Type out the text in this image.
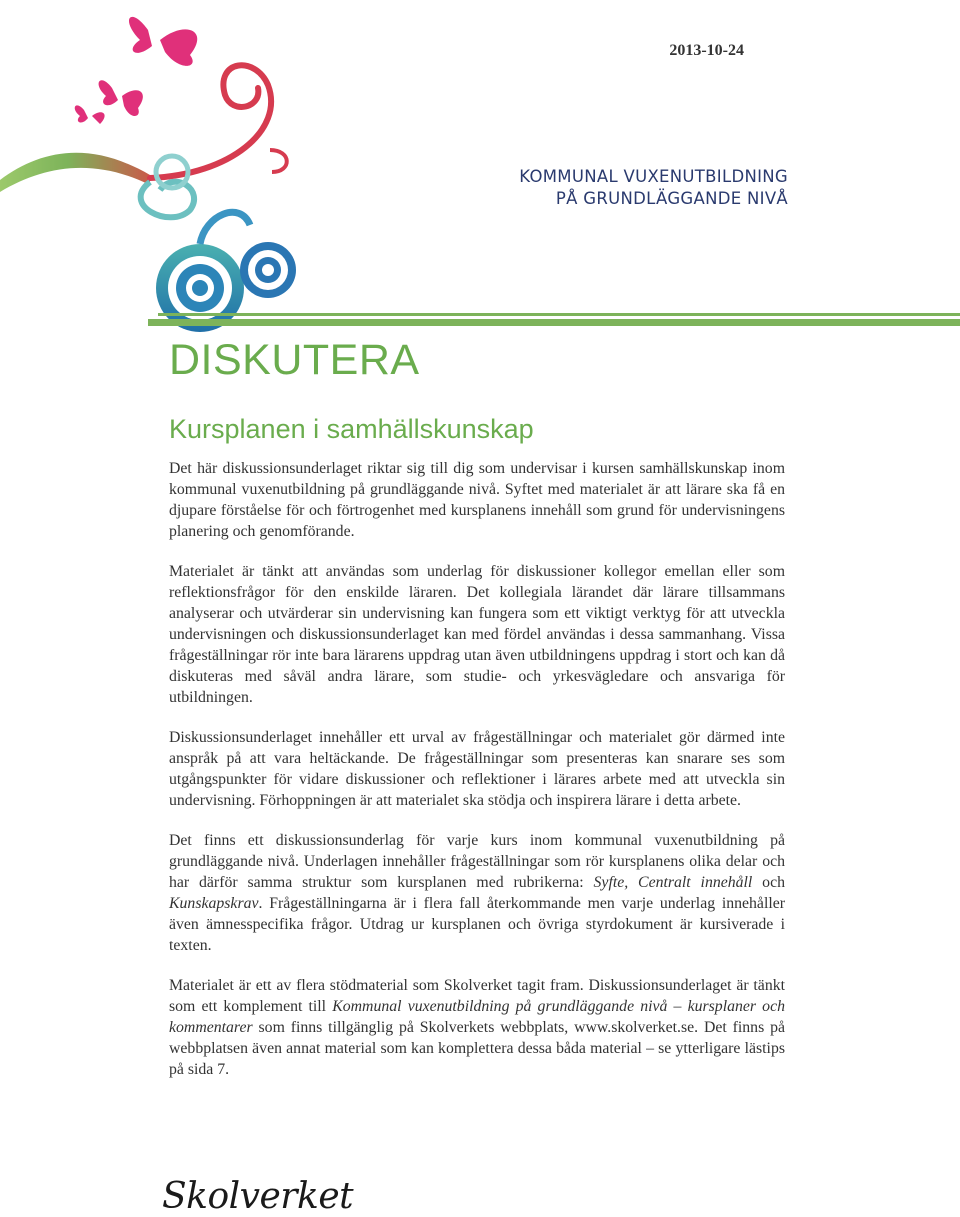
2013-10-24
KOMMUNAL VUXENUTBILDNING
PÅ GRUNDLÄGGANDE NIVÅ
DISKUTERA
Kursplanen i samhällskunskap

Det här diskussionsunderlaget riktar sig till dig som undervisar i kursen samhällskunskap inom kommunal vuxenutbildning på grundläggande nivå. Syftet med materialet är att lärare ska få en djupare förståelse för och förtrogenhet med kursplanens innehåll som grund för undervisningens planering och genomförande.

Materialet är tänkt att användas som underlag för diskussioner kollegor emellan eller som reflektionsfrågor för den enskilde läraren. Det kollegiala lärandet där lärare tillsammans analyserar och utvärderar sin undervisning kan fungera som ett viktigt verktyg för att utveckla undervisningen och diskussionsunderlaget kan med fördel användas i dessa sammanhang. Vissa frågeställningar rör inte bara lärarens uppdrag utan även utbildningens uppdrag i stort och kan då diskuteras med såväl andra lärare, som studie- och yrkesvägledare och ansvariga för utbildningen.

Diskussionsunderlaget innehåller ett urval av frågeställningar och materialet gör därmed inte anspråk på att vara heltäckande. De frågeställningar som presenteras kan snarare ses som utgångspunkter för vidare diskussioner och reflektioner i lärares arbete med att utveckla sin undervisning. Förhoppningen är att materialet ska stödja och inspirera lärare i detta arbete.

Det finns ett diskussionsunderlag för varje kurs inom kommunal vuxenutbildning på grundläggande nivå. Underlagen innehåller frågeställningar som rör kursplanens olika delar och har därför samma struktur som kursplanen med rubrikerna: Syfte, Centralt innehåll och Kunskapskrav. Frågeställningarna är i flera fall återkommande men varje underlag innehåller även ämnesspecifika frågor. Utdrag ur kursplanen och övriga styrdokument är kursiverade i texten.

Materialet är ett av flera stödmaterial som Skolverket tagit fram. Diskussionsunderlaget är tänkt som ett komplement till Kommunal vuxenutbildning på grundläggande nivå – kursplaner och kommentarer som finns tillgänglig på Skolverkets webbplats, www.skolverket.se. Det finns på webbplatsen även annat material som kan komplettera dessa båda material – se ytterligare lästips på sida 7.

Skolverket
